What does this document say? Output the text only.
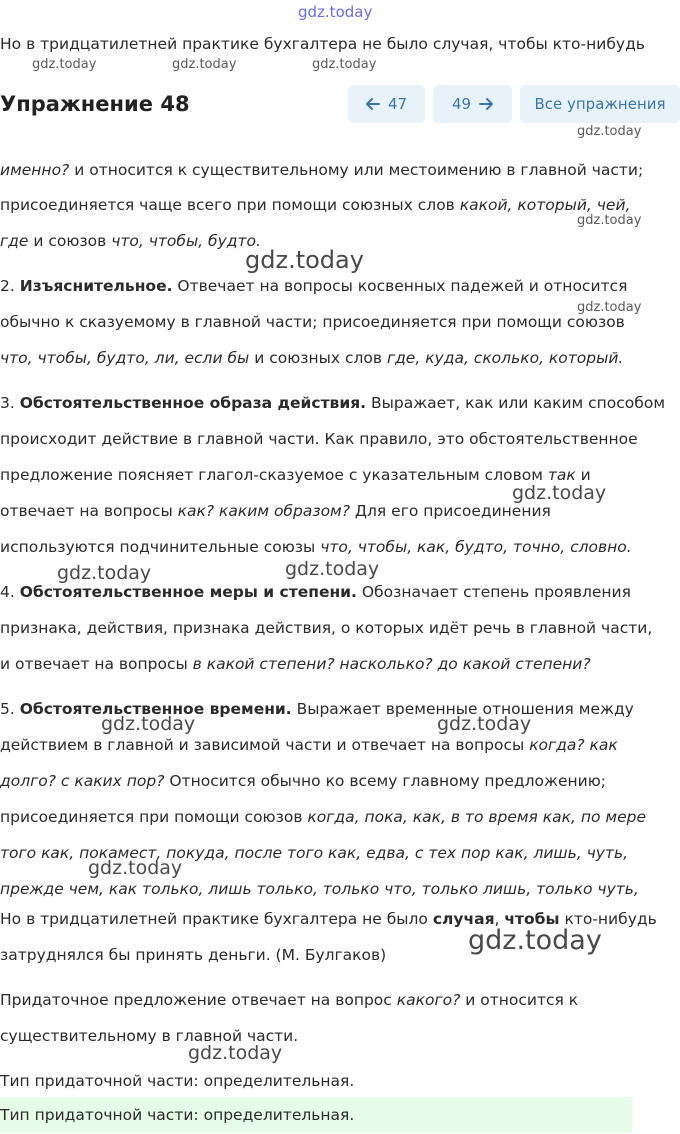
gdz.today
gdz.today	gdz.today	gdz.today
gdz.today
gdz.today
gdz.today
gdz.today
gdz.today
gdz.today	gdz.today
gdz.today	gdz.today
gdz.today
gdz.today
gdz.today
Но в тридцатилетней практике бухгалтера не было случая, чтобы кто-нибудь
Упражнение 48	47	49	Все упражнения
именно? и относится к существительному или местоимению в главной части;
присоединяется чаще всего при помощи союзных слов какой, который, чей,
где и союзов что, чтобы, будто.
2. Изъяснительное. Отвечает на вопросы косвенных падежей и относится
обычно к сказуемому в главной части; присоединяется при помощи союзов
что, чтобы, будто, ли, если бы и союзных слов где, куда, сколько, который.
3. Обстоятельственное образа действия. Выражает, как или каким способом
происходит действие в главной части. Как правило, это обстоятельственное
предложение поясняет глагол-сказуемое с указательным словом так и
отвечает на вопросы как? каким образом? Для его присоединения
используются подчинительные союзы что, чтобы, как, будто, точно, словно.
4. Обстоятельственное меры и степени. Обозначает степень проявления
признака, действия, признака действия, о которых идёт речь в главной части,
и отвечает на вопросы в какой степени? насколько? до какой степени?
5. Обстоятельственное времени. Выражает временные отношения между
действием в главной и зависимой части и отвечает на вопросы когда? как
долго? с каких пор? Относится обычно ко всему главному предложению;
присоединяется при помощи союзов когда, пока, как, в то время как, по мере
того как, покамест, покуда, после того как, едва, с тех пор как, лишь, чуть,
прежде чем, как только, лишь только, только что, только лишь, только чуть,
Но в тридцатилетней практике бухгалтера не было случая, чтобы кто-нибудь
затруднялся бы принять деньги. (М. Булгаков)
Придаточное предложение отвечает на вопрос какого? и относится к
существительному в главной части.
Тип придаточной части: определительная.
Тип придаточной части: определительная.
